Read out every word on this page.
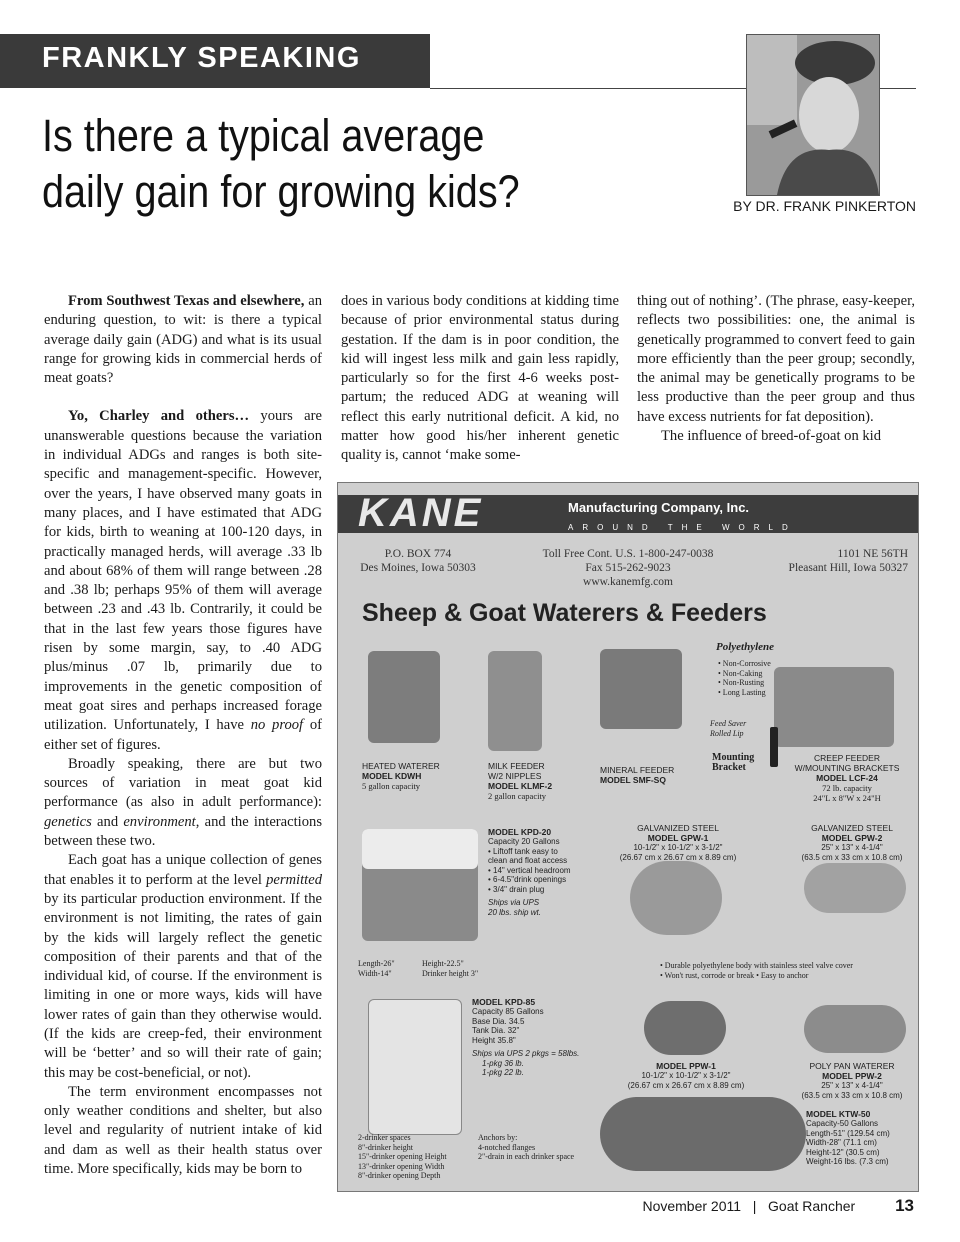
FRANKLY SPEAKING
BY DR. FRANK PINKERTON
Is there a typical average
daily gain for growing kids?

From Southwest Texas and elsewhere, an enduring question, to wit: is there a typical average daily gain (ADG) and what is its usual range for growing kids in commercial herds of meat goats?

Yo, Charley and others… yours are unanswerable questions because the variation in individual ADGs and ranges is both site-specific and management-specific. However, over the years, I have observed many goats in many places, and I have estimated that ADG for kids, birth to weaning at 100-120 days, in practically managed herds, will average .33 lb and about 68% of them will range between .28 and .38 lb; perhaps 95% of them will average between .23 and .43 lb. Contrarily, it could be that in the last few years those figures have risen by some margin, say, to .40 ADG plus/minus .07 lb, primarily due to improvements in the genetic composition of meat goat sires and perhaps increased forage utilization. Unfortunately, I have no proof of either set of figures.

Broadly speaking, there are but two sources of variation in meat goat kid performance (as also in adult performance): genetics and environment, and the interactions between these two.

Each goat has a unique collection of genes that enables it to perform at the level permitted by its particular production environment. If the environment is not limiting, the rates of gain by the kids will largely reflect the genetic composition of their parents and that of the individual kid, of course. If the environment is limiting in one or more ways, kids will have lower rates of gain than they otherwise would. (If the kids are creep-fed, their environment will be ‘better’ and so will their rate of gain; this may be cost-beneficial, or not).

The term environment encompasses not only weather conditions and shelter, but also level and regularity of nutrient intake of kid and dam as well as their health status over time. More specifically, kids may be born to

does in various body conditions at kidding time because of prior environmental status during gestation. If the dam is in poor condition, the kid will ingest less milk and gain less rapidly, particularly so for the first 4-6 weeks post-partum; the reduced ADG at weaning will reflect this early nutritional deficit. A kid, no matter how good his/her inherent genetic quality is, cannot ‘make some-

thing out of nothing’. (The phrase, easy-keeper, reflects two possibilities: one, the animal is genetically programmed to convert feed to gain more efficiently than the peer group; secondly, the animal may be genetically programs to be less productive than the peer group and thus have excess nutrients for fat deposition).

The influence of breed-of-goat on kid

KANE	Manufacturing Company, Inc.
AROUND THE WORLD
P.O. BOX 774
Des Moines, Iowa 50303
Toll Free Cont. U.S. 1-800-247-0038
Fax 515-262-9023
www.kanemfg.com
1101 NE 56TH
Pleasant Hill, Iowa 50327
Sheep & Goat Waterers & Feeders
Polyethylene
• Non-Corrosive
• Non-Caking
• Non-Rusting
• Long Lasting
Feed Saver
Rolled Lip
Mounting
Bracket
HEATED WATERER
MODEL KDWH
5 gallon capacity
MILK FEEDER
W/2 NIPPLES
MODEL KLMF-2
2 gallon capacity
MINERAL FEEDER
MODEL SMF-SQ
CREEP FEEDER
W/MOUNTING BRACKETS
MODEL LCF-24
72 lb. capacity
24"L x 8"W x 24"H
MODEL KPD-20
Capacity 20 Gallons
• Liftoff tank easy to
clean and float access
• 14" vertical headroom
• 6-4.5"drink openings
• 3/4" drain plug
Ships via UPS
20 lbs. ship wt.
Length-26"
Width-14"
Height-22.5"
Drinker height 3"
GALVANIZED STEEL
MODEL GPW-1
10-1/2" x 10-1/2" x 3-1/2"
(26.67 cm x 26.67 cm x 8.89 cm)
GALVANIZED STEEL
MODEL GPW-2
25" x 13" x 4-1/4"
(63.5 cm x 33 cm x 10.8 cm)
• Durable polyethylene body with stainless steel valve cover
• Won't rust, corrode or break • Easy to anchor
MODEL KPD-85
Capacity 85 Gallons
Base Dia. 34.5
Tank Dia. 32"
Height 35.8"
Ships via UPS 2 pkgs = 58lbs.
1-pkg 36 lb.
1-pkg 22 lb.
MODEL PPW-1
10-1/2" x 10-1/2" x 3-1/2"
(26.67 cm x 26.67 cm x 8.89 cm)
POLY PAN WATERER
MODEL PPW-2
25" x 13" x 4-1/4"
(63.5 cm x 33 cm x 10.8 cm)
MODEL KTW-50
Capacity-50 Gallons
Length-51" (129.54 cm)
Width-28" (71.1 cm)
Height-12" (30.5 cm)
Weight-16 lbs. (7.3 cm)
2-drinker spaces
8"-drinker height
15"-drinker opening Height
13"-drinker opening Width
8"-drinker opening Depth
Anchors by:
4-notched flanges
2"-drain in each drinker space
November 2011 | Goat Rancher 13
